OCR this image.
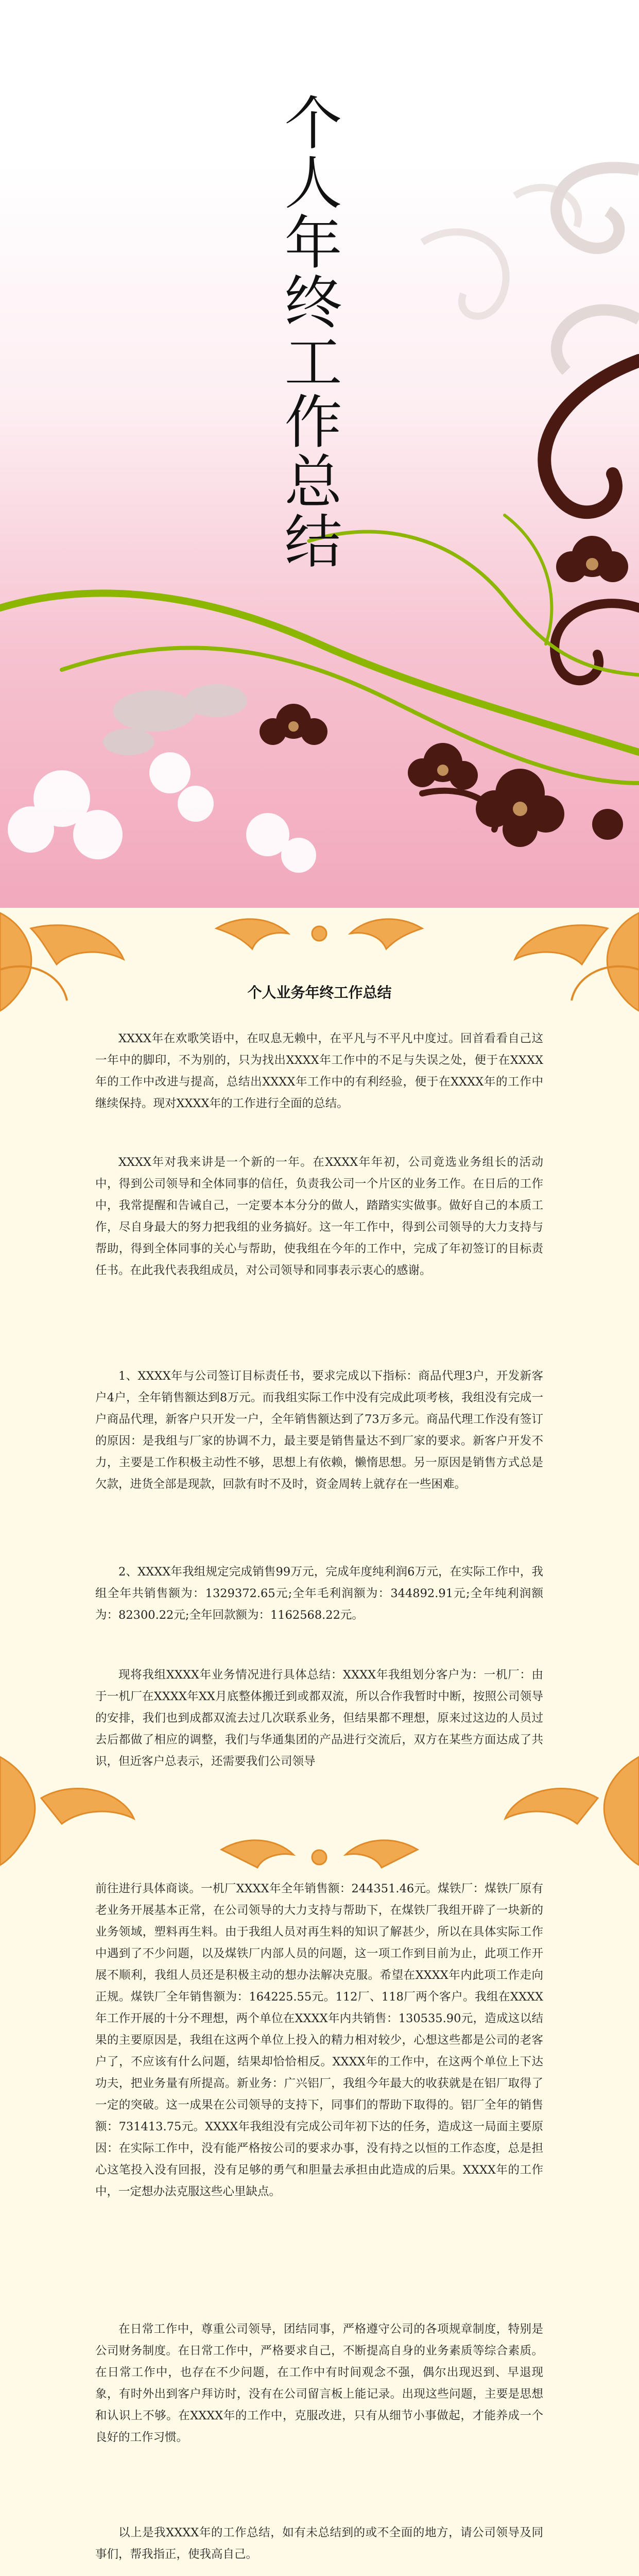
个人年终工作总结
个人业务年终工作总结

XXXX年在欢歌笑语中，在叹息无赖中，在平凡与不平凡中度过。回首看看自己这一年中的脚印，不为别的，只为找出XXXX年工作中的不足与失误之处，便于在XXXX年的工作中改进与提高，总结出XXXX年工作中的有利经验，便于在XXXX年的工作中继续保持。现对XXXX年的工作进行全面的总结。

XXXX年对我来讲是一个新的一年。在XXXX年年初，公司竟选业务组长的活动中，得到公司领导和全体同事的信任，负责我公司一个片区的业务工作。在日后的工作中，我常提醒和告诫自己，一定要本本分分的做人，踏踏实实做事。做好自己的本质工作，尽自身最大的努力把我组的业务搞好。这一年工作中，得到公司领导的大力支持与帮助，得到全体同事的关心与帮助，使我组在今年的工作中，完成了年初签订的目标责任书。在此我代表我组成员，对公司领导和同事表示衷心的感谢。

1、XXXX年与公司签订目标责任书，要求完成以下指标：商品代理3户，开发新客户4户，全年销售额达到8万元。而我组实际工作中没有完成此项考核，我组没有完成一户商品代理，新客户只开发一户，全年销售额达到了73万多元。商品代理工作没有签订的原因：是我组与厂家的协调不力，最主要是销售量达不到厂家的要求。新客户开发不力，主要是工作积极主动性不够，思想上有依赖，懒惰思想。另一原因是销售方式总是欠款，进货全部是现款，回款有时不及时，资金周转上就存在一些困难。

2、XXXX年我组规定完成销售99万元，完成年度纯利润6万元，在实际工作中，我组全年共销售额为：1329372.65元;全年毛利润额为：344892.91元;全年纯利润额为：82300.22元;全年回款额为：1162568.22元。

现将我组XXXX年业务情况进行具体总结：XXXX年我组划分客户为：一机厂：由于一机厂在XXXX年XX月底整体搬迁到或都双流，所以合作我暂时中断，按照公司领导的安排，我们也到成都双流去过几次联系业务，但结果都不理想，原来过这边的人员过去后都做了相应的调整，我们与华通集团的产品进行交流后，双方在某些方面达成了共识，但近客户总表示，还需要我们公司领导

前往进行具体商谈。一机厂XXXX年全年销售额：244351.46元。煤铁厂：煤铁厂原有老业务开展基本正常，在公司领导的大力支持与帮助下，在煤铁厂我组开辟了一块新的业务领域，塑料再生料。由于我组人员对再生料的知识了解甚少，所以在具体实际工作中遇到了不少问题，以及煤铁厂内部人员的问题，这一项工作到目前为止，此项工作开展不顺利，我组人员还是积极主动的想办法解决克服。希望在XXXX年内此项工作走向正规。煤铁厂全年销售额为：164225.55元。112厂、118厂两个客户。我组在XXXX年工作开展的十分不理想，两个单位在XXXX年内共销售：130535.90元，造成这以结果的主要原因是，我组在这两个单位上投入的精力相对较少，心想这些都是公司的老客户了，不应该有什么问题，结果却恰恰相反。XXXX年的工作中，在这两个单位上下达功夫，把业务量有所提高。新业务：广兴铝厂，我组今年最大的收获就是在铝厂取得了一定的突破。这一成果在公司领导的支持下，同事们的帮助下取得的。铝厂全年的销售额：731413.75元。XXXX年我组没有完成公司年初下达的任务，造成这一局面主要原因：在实际工作中，没有能严格按公司的要求办事，没有持之以恒的工作态度，总是担心这笔投入没有回报，没有足够的勇气和胆量去承担由此造成的后果。XXXX年的工作中，一定想办法克服这些心里缺点。

在日常工作中，尊重公司领导，团结同事，严格遵守公司的各项规章制度，特别是公司财务制度。在日常工作中，严格要求自己，不断提高自身的业务素质等综合素质。在日常工作中，也存在不少问题，在工作中有时间观念不强，偶尔出现迟到、早退现象，有时外出到客户拜访时，没有在公司留言板上能记录。出现这些问题，主要是思想和认识上不够。在XXXX年的工作中，克服改进，只有从细节小事做起，才能养成一个良好的工作习惯。

以上是我XXXX年的工作总结，如有未总结到的或不全面的地方，请公司领导及同事们，帮我指正，使我高自己。
